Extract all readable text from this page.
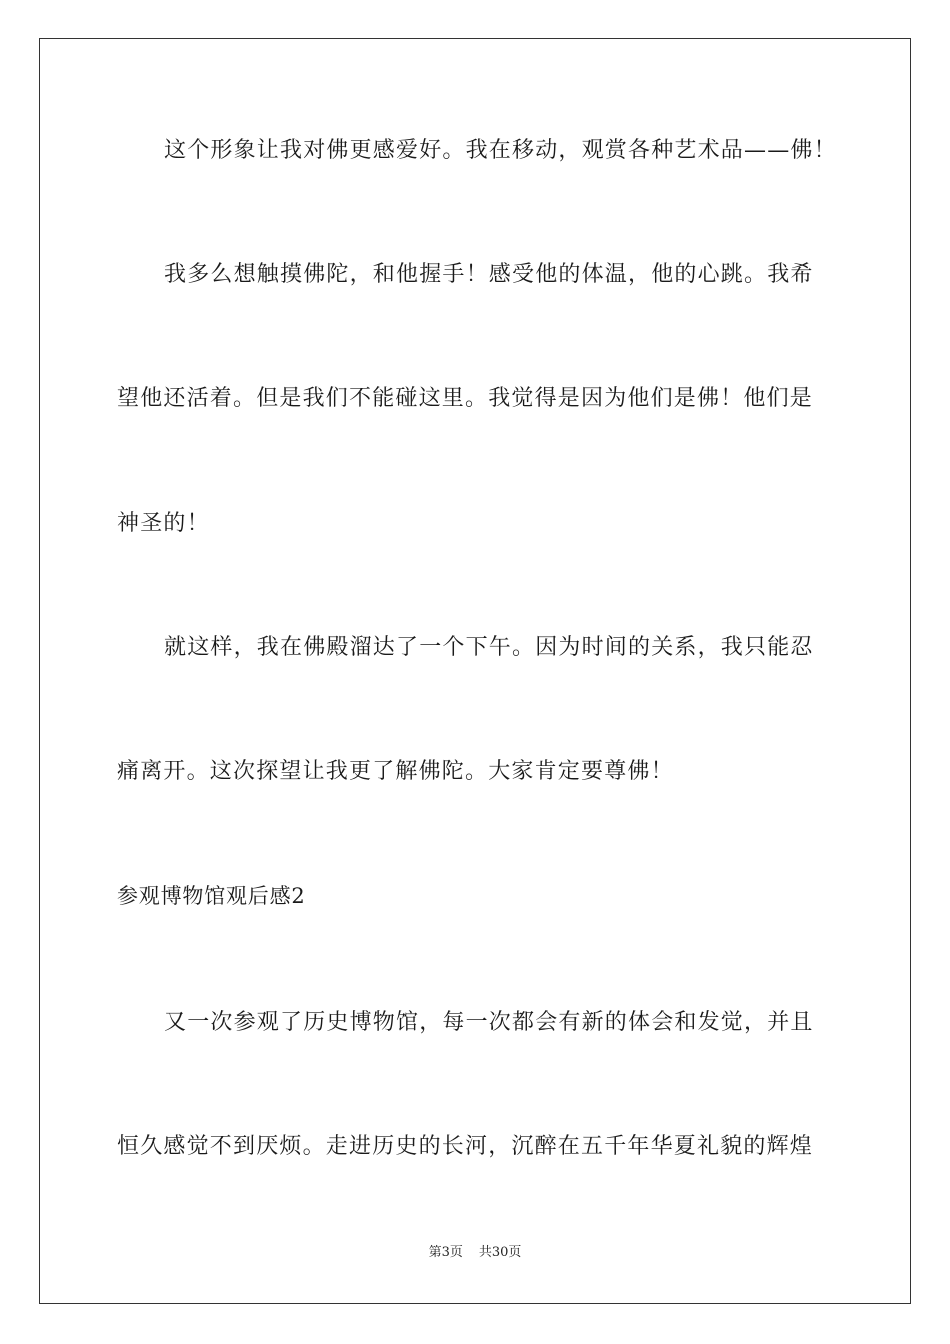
这个形象让我对佛更感爱好。我在移动，观赏各种艺术品——佛！
我多么想触摸佛陀，和他握手！感受他的体温，他的心跳。我希
望他还活着。但是我们不能碰这里。我觉得是因为他们是佛！他们是
神圣的！
就这样，我在佛殿溜达了一个下午。因为时间的关系，我只能忍
痛离开。这次探望让我更了解佛陀。大家肯定要尊佛！
参观博物馆观后感2
又一次参观了历史博物馆，每一次都会有新的体会和发觉，并且
恒久感觉不到厌烦。走进历史的长河，沉醉在五千年华夏礼貌的辉煌
第3页 共30页
